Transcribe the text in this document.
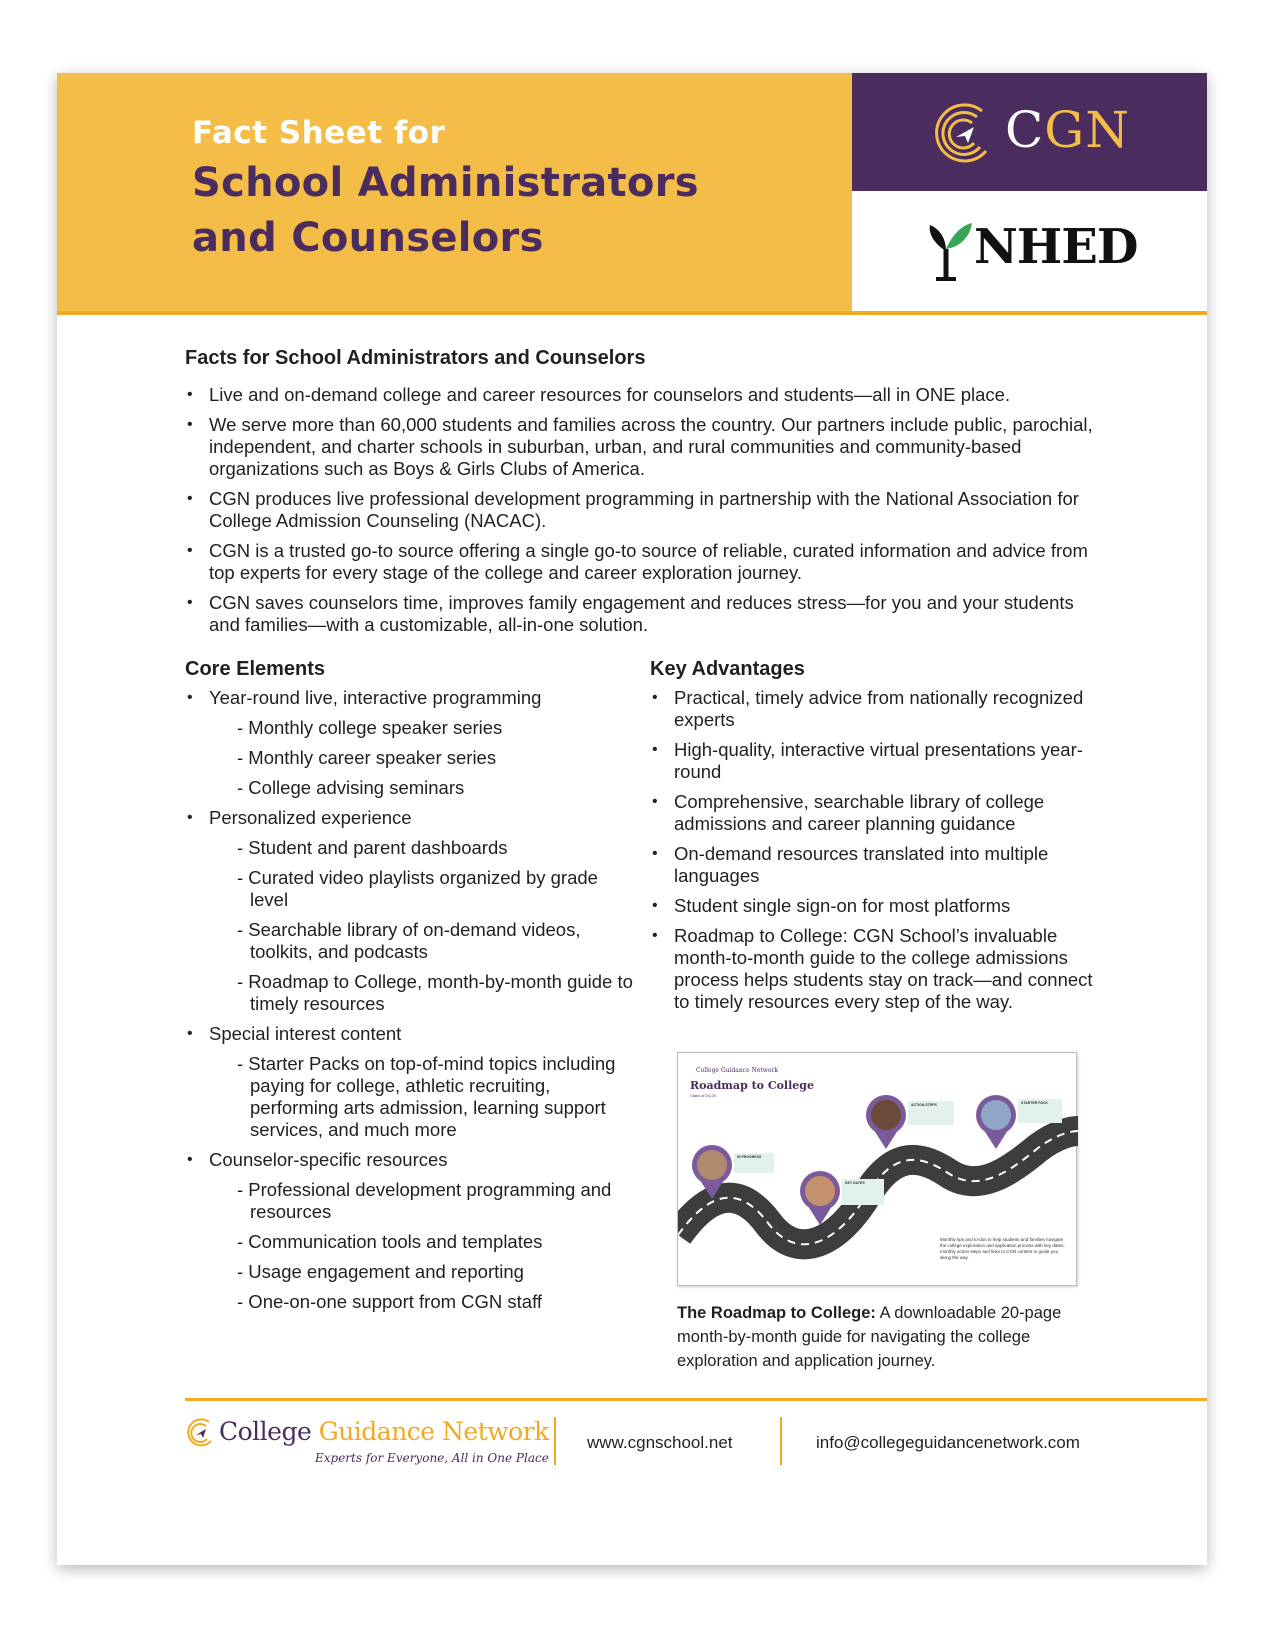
Fact Sheet for
School Administrators
and Counselors
CGN
NHED
Facts for School Administrators and Counselors
• Live and on-demand college and career resources for counselors and students—all in ONE place.
• We serve more than 60,000 students and families across the country. Our partners include public, parochial, independent, and charter schools in suburban, urban, and rural communities and community-based organizations such as Boys & Girls Clubs of America.
• CGN produces live professional development programming in partnership with the National Association for College Admission Counseling (NACAC).
• CGN is a trusted go-to source offering a single go-to source of reliable, curated information and advice from top experts for every stage of the college and career exploration journey.
• CGN saves counselors time, improves family engagement and reduces stress—for you and your students and families—with a customizable, all-in-one solution.
Core Elements
• Year-round live, interactive programming
- Monthly college speaker series
- Monthly career speaker series
- College advising seminars
• Personalized experience
- Student and parent dashboards
- Curated video playlists organized by grade level
- Searchable library of on-demand videos, toolkits, and podcasts
- Roadmap to College, month-by-month guide to timely resources
• Special interest content
- Starter Packs on top-of-mind topics including paying for college, athletic recruiting, performing arts admission, learning support services, and much more
• Counselor-specific resources
- Professional development programming and resources
- Communication tools and templates
- Usage engagement and reporting
- One-on-one support from CGN staff
Key Advantages
• Practical, timely advice from nationally recognized experts
• High-quality, interactive virtual presentations year-round
• Comprehensive, searchable library of college admissions and career planning guidance
• On-demand resources translated into multiple languages
• Student single sign-on for most platforms
• Roadmap to College: CGN School’s invaluable month-to-month guide to the college admissions process helps students stay on track—and connect to timely resources every step of the way.
College Guidance Network
Roadmap to College
Class of 24-25
IN PROGRESS
KEY DATES
ACTION STEPS	STARTER PACK
Monthly tips and to-dos to help students and families navigate the college exploration and application process with key dates, monthly action steps and links to CGN content to guide you along the way.
The Roadmap to College: A downloadable 20-page month-by-month guide for navigating the college exploration and application journey.
College Guidance Network
Experts for Everyone, All in One Place
www.cgnschool.net	info@collegeguidancenetwork.com
